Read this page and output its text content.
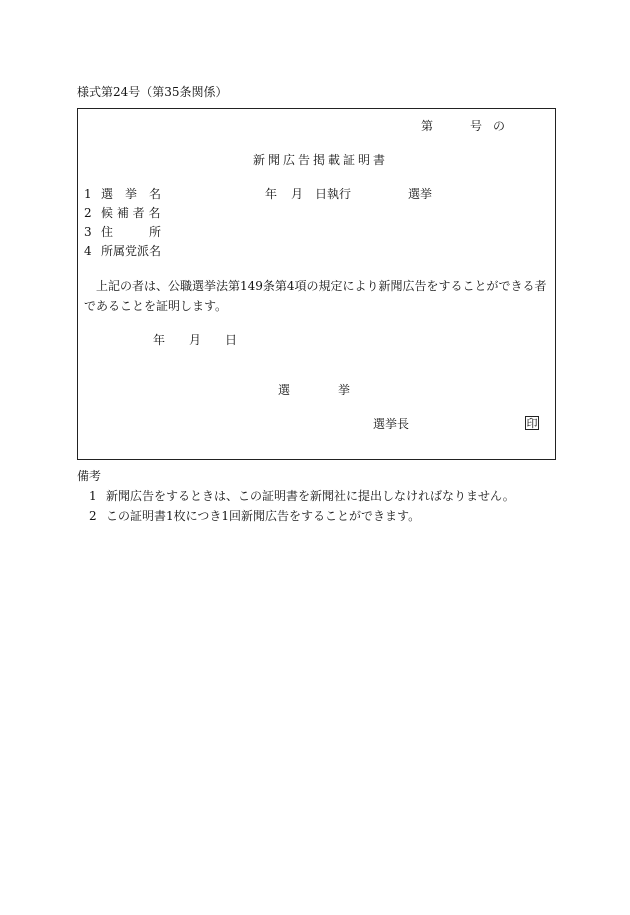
様式第24号（第35条関係）
第	号 の
新聞広告掲載証明書
1 選　挙　名	年 月 日執行	選挙
2 候 補 者 名
3 住　　　所
4 所属党派名
上記の者は、公職選挙法第149条第4項の規定により新聞広告をすることができる者であることを証明します。
年 月 日
選	挙
選挙長	印
備考
1 新聞広告をするときは、この証明書を新聞社に提出しなければなりません。
2 この証明書1枚につき1回新聞広告をすることができます。
